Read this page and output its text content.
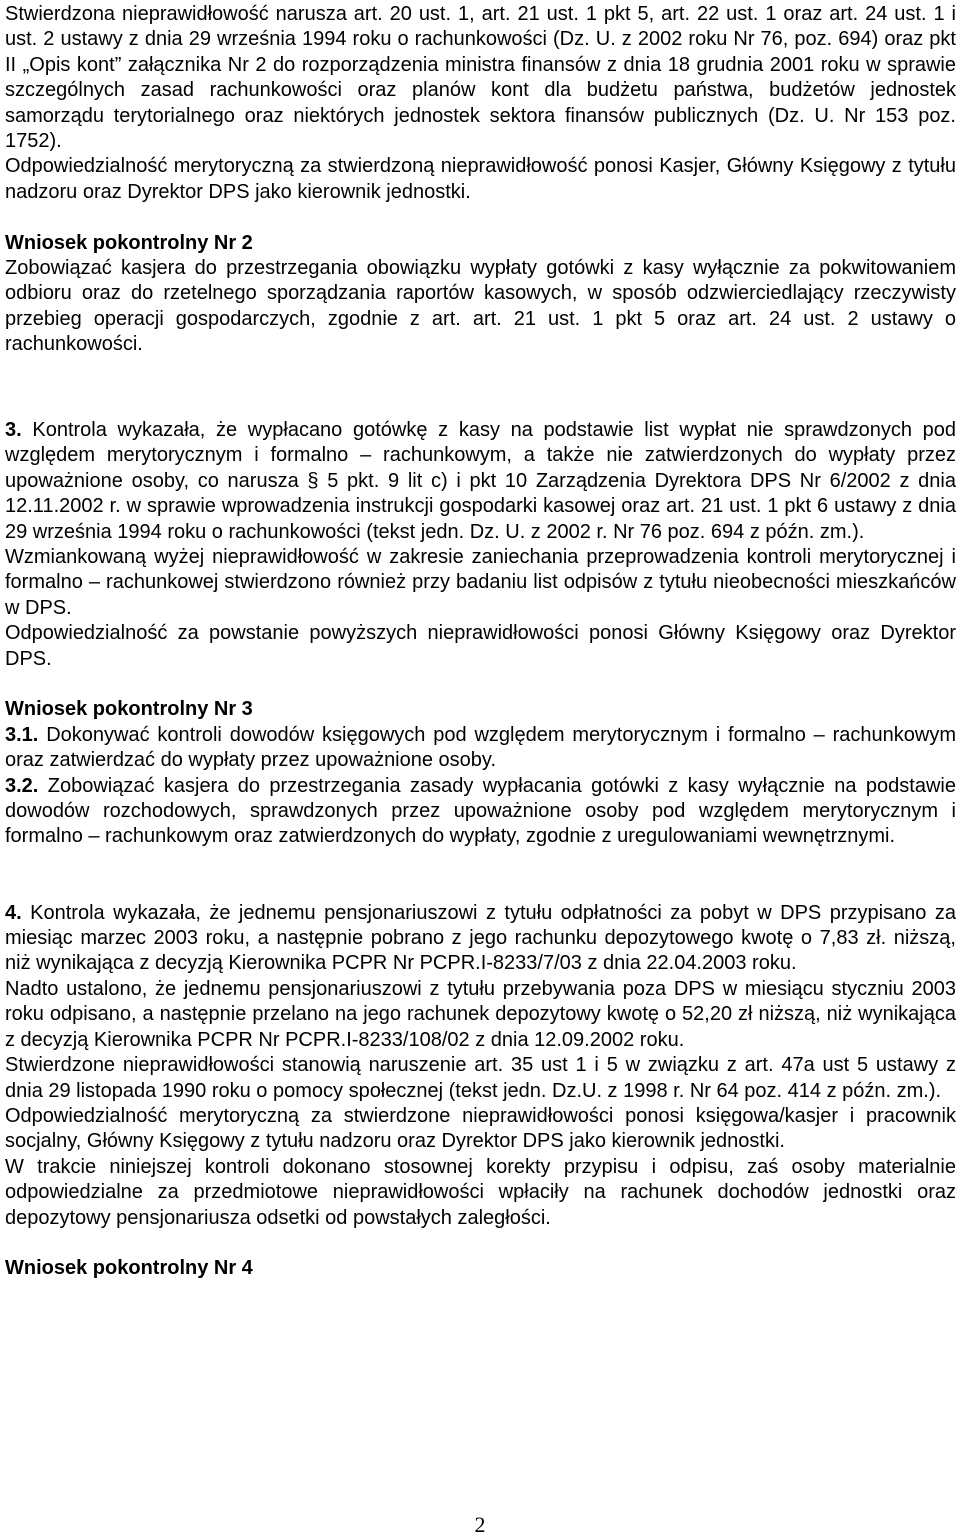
Stwierdzona nieprawidłowość narusza art. 20 ust. 1, art. 21 ust. 1 pkt 5, art. 22 ust. 1 oraz art. 24 ust. 1 i ust. 2 ustawy z dnia 29 września 1994 roku o rachunkowości (Dz. U. z 2002 roku Nr 76, poz. 694) oraz pkt II „Opis kont” załącznika Nr 2 do rozporządzenia ministra finansów z dnia 18 grudnia 2001 roku w sprawie szczególnych zasad rachunkowości oraz planów kont dla budżetu państwa, budżetów jednostek samorządu terytorialnego oraz niektórych jednostek sektora finansów publicznych (Dz. U. Nr 153 poz. 1752).

Odpowiedzialność merytoryczną za stwierdzoną nieprawidłowość ponosi Kasjer, Główny Księgowy z tytułu nadzoru oraz Dyrektor DPS jako kierownik jednostki.

Wniosek pokontrolny Nr 2

Zobowiązać kasjera do przestrzegania obowiązku wypłaty gotówki z kasy wyłącznie za pokwitowaniem odbioru oraz do rzetelnego sporządzania raportów kasowych, w sposób odzwierciedlający rzeczywisty przebieg operacji gospodarczych, zgodnie z art. art. 21 ust. 1 pkt 5 oraz art. 24 ust. 2 ustawy o rachunkowości.

3. Kontrola wykazała, że wypłacano gotówkę z kasy na podstawie list wypłat nie sprawdzonych pod względem merytorycznym i formalno – rachunkowym, a także nie zatwierdzonych do wypłaty przez upoważnione osoby, co narusza § 5 pkt. 9 lit c) i pkt 10 Zarządzenia Dyrektora DPS Nr 6/2002 z dnia 12.11.2002 r. w sprawie wprowadzenia instrukcji gospodarki kasowej oraz art. 21 ust. 1 pkt 6 ustawy z dnia 29 września 1994 roku o rachunkowości (tekst jedn. Dz. U. z 2002 r. Nr 76 poz. 694 z późn. zm.).

Wzmiankowaną wyżej nieprawidłowość w zakresie zaniechania przeprowadzenia kontroli merytorycznej i formalno – rachunkowej stwierdzono również przy badaniu list odpisów z tytułu nieobecności mieszkańców w DPS.

Odpowiedzialność za powstanie powyższych nieprawidłowości ponosi Główny Księgowy oraz Dyrektor DPS.

Wniosek pokontrolny Nr 3

3.1. Dokonywać kontroli dowodów księgowych pod względem merytorycznym i formalno – rachunkowym oraz zatwierdzać do wypłaty przez upoważnione osoby.

3.2. Zobowiązać kasjera do przestrzegania zasady wypłacania gotówki z kasy wyłącznie na podstawie dowodów rozchodowych, sprawdzonych przez upoważnione osoby pod względem merytorycznym i formalno – rachunkowym oraz zatwierdzonych do wypłaty, zgodnie z uregulowaniami wewnętrznymi.

4. Kontrola wykazała, że jednemu pensjonariuszowi z tytułu odpłatności za pobyt w DPS przypisano za miesiąc marzec 2003 roku, a następnie pobrano z jego rachunku depozytowego kwotę o 7,83 zł. niższą, niż wynikająca z decyzją Kierownika PCPR Nr PCPR.I-8233/7/03 z dnia 22.04.2003 roku.

Nadto ustalono, że jednemu pensjonariuszowi z tytułu przebywania poza DPS w miesiącu styczniu 2003 roku odpisano, a następnie przelano na jego rachunek depozytowy kwotę o 52,20 zł niższą, niż wynikająca z decyzją Kierownika PCPR Nr PCPR.I-8233/108/02 z dnia 12.09.2002 roku.

Stwierdzone nieprawidłowości stanowią naruszenie art. 35 ust 1 i 5 w związku z art. 47a ust 5 ustawy z dnia 29 listopada 1990 roku o pomocy społecznej (tekst jedn. Dz.U. z 1998 r. Nr 64 poz. 414 z późn. zm.).

Odpowiedzialność merytoryczną za stwierdzone nieprawidłowości ponosi księgowa/kasjer i pracownik socjalny, Główny Księgowy z tytułu nadzoru oraz Dyrektor DPS jako kierownik jednostki.

W trakcie niniejszej kontroli dokonano stosownej korekty przypisu i odpisu, zaś osoby materialnie odpowiedzialne za przedmiotowe nieprawidłowości wpłaciły na rachunek dochodów jednostki oraz depozytowy pensjonariusza odsetki od powstałych zaległości.

Wniosek pokontrolny Nr 4

2
